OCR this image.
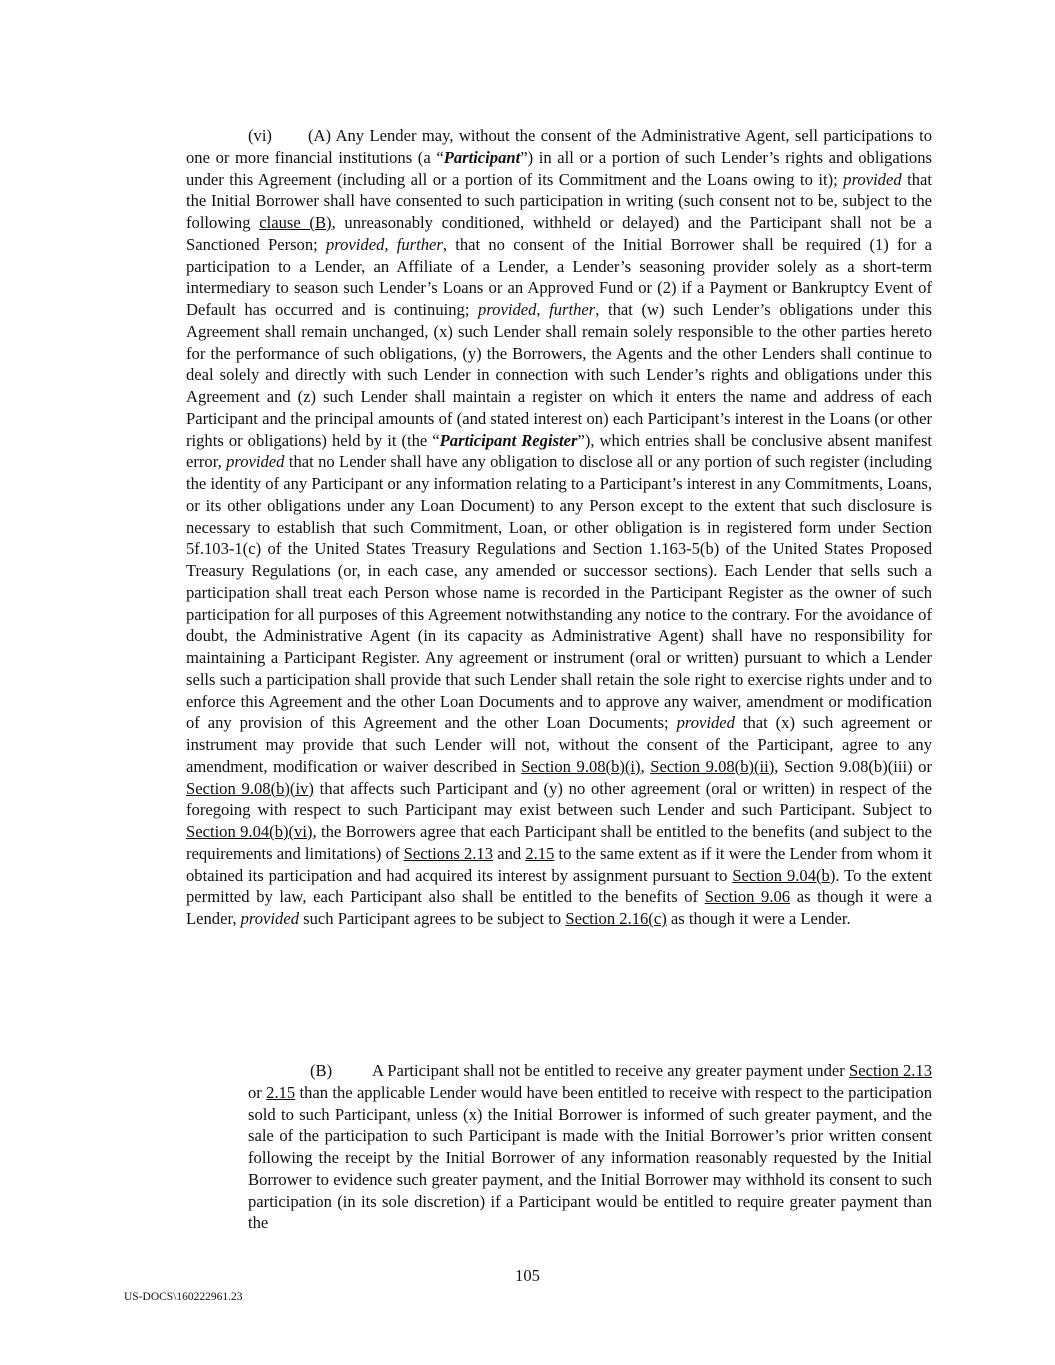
(vi) (A) Any Lender may, without the consent of the Administrative Agent, sell participations to one or more financial institutions (a “Participant”) in all or a portion of such Lender’s rights and obligations under this Agreement (including all or a portion of its Commitment and the Loans owing to it); provided that the Initial Borrower shall have consented to such participation in writing (such consent not to be, subject to the following clause (B), unreasonably conditioned, withheld or delayed) and the Participant shall not be a Sanctioned Person; provided, further, that no consent of the Initial Borrower shall be required (1) for a participation to a Lender, an Affiliate of a Lender, a Lender’s seasoning provider solely as a short-term intermediary to season such Lender’s Loans or an Approved Fund or (2) if a Payment or Bankruptcy Event of Default has occurred and is continuing; provided, further, that (w) such Lender’s obligations under this Agreement shall remain unchanged, (x) such Lender shall remain solely responsible to the other parties hereto for the performance of such obligations, (y) the Borrowers, the Agents and the other Lenders shall continue to deal solely and directly with such Lender in connection with such Lender’s rights and obligations under this Agreement and (z) such Lender shall maintain a register on which it enters the name and address of each Participant and the principal amounts of (and stated interest on) each Participant’s interest in the Loans (or other rights or obligations) held by it (the “Participant Register”), which entries shall be conclusive absent manifest error, provided that no Lender shall have any obligation to disclose all or any portion of such register (including the identity of any Participant or any information relating to a Participant’s interest in any Commitments, Loans, or its other obligations under any Loan Document) to any Person except to the extent that such disclosure is necessary to establish that such Commitment, Loan, or other obligation is in registered form under Section 5f.103-1(c) of the United States Treasury Regulations and Section 1.163-5(b) of the United States Proposed Treasury Regulations (or, in each case, any amended or successor sections). Each Lender that sells such a participation shall treat each Person whose name is recorded in the Participant Register as the owner of such participation for all purposes of this Agreement notwithstanding any notice to the contrary. For the avoidance of doubt, the Administrative Agent (in its capacity as Administrative Agent) shall have no responsibility for maintaining a Participant Register. Any agreement or instrument (oral or written) pursuant to which a Lender sells such a participation shall provide that such Lender shall retain the sole right to exercise rights under and to enforce this Agreement and the other Loan Documents and to approve any waiver, amendment or modification of any provision of this Agreement and the other Loan Documents; provided that (x) such agreement or instrument may provide that such Lender will not, without the consent of the Participant, agree to any amendment, modification or waiver described in Section 9.08(b)(i), Section 9.08(b)(ii), Section 9.08(b)(iii) or Section 9.08(b)(iv) that affects such Participant and (y) no other agreement (oral or written) in respect of the foregoing with respect to such Participant may exist between such Lender and such Participant. Subject to Section 9.04(b)(vi), the Borrowers agree that each Participant shall be entitled to the benefits (and subject to the requirements and limitations) of Sections 2.13 and 2.15 to the same extent as if it were the Lender from whom it obtained its participation and had acquired its interest by assignment pursuant to Section 9.04(b). To the extent permitted by law, each Participant also shall be entitled to the benefits of Section 9.06 as though it were a Lender, provided such Participant agrees to be subject to Section 2.16(c) as though it were a Lender.

(B) A Participant shall not be entitled to receive any greater payment under Section 2.13 or 2.15 than the applicable Lender would have been entitled to receive with respect to the participation sold to such Participant, unless (x) the Initial Borrower is informed of such greater payment, and the sale of the participation to such Participant is made with the Initial Borrower’s prior written consent following the receipt by the Initial Borrower of any information reasonably requested by the Initial Borrower to evidence such greater payment, and the Initial Borrower may withhold its consent to such participation (in its sole discretion) if a Participant would be entitled to require greater payment than the

105
US-DOCS\160222961.23
